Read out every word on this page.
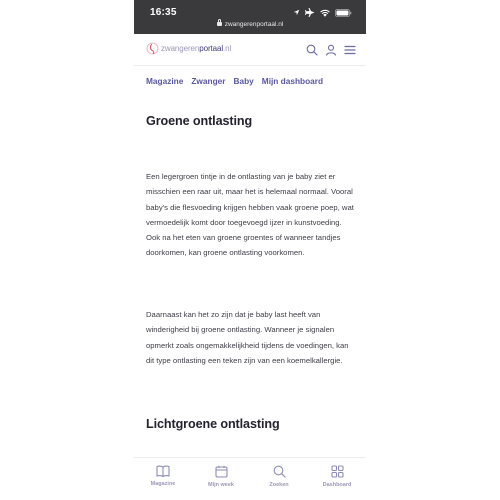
16:35
zwangerenportaal.nl
zwangerenportaal.nl
Magazine Zwanger Baby Mijn dashboard
Groene ontlasting

Een legergroen tintje in de ontlasting van je baby ziet er misschien een raar uit, maar het is helemaal normaal. Vooral baby's die flesvoeding krijgen hebben vaak groene poep, wat vermoedelijk komt door toegevoegd ijzer in kunstvoeding. Ook na het eten van groene groentes of wanneer tandjes doorkomen, kan groene ontlasting voorkomen.

Daarnaast kan het zo zijn dat je baby last heeft van winderigheid bij groene ontlasting. Wanneer je signalen opmerkt zoals ongemakkelijkheid tijdens de voedingen, kan dit type ontlasting een teken zijn van een koemelkallergie.

Lichtgroene ontlasting
Magazine	Mijn week	Zoeken	Dashboard
